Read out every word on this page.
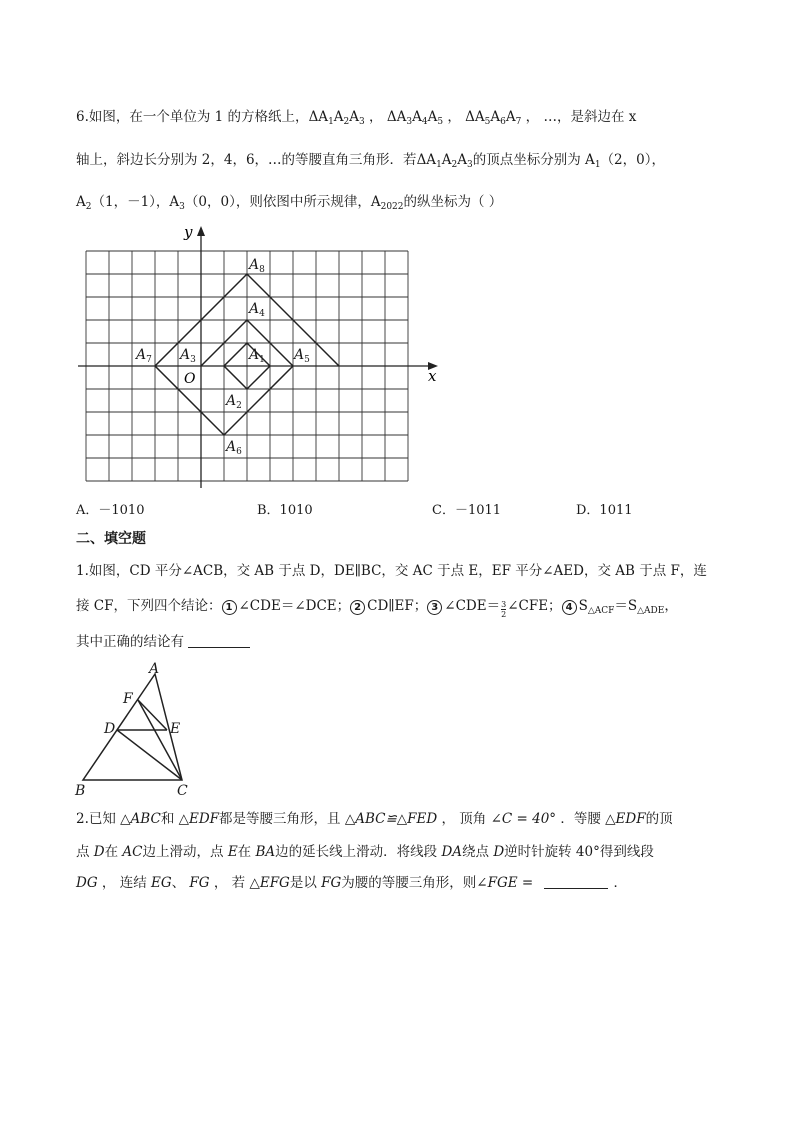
6.如图，在一个单位为 1 的方格纸上，$\Delta A_1A_2A_3$ ， $\Delta A_3A_4A_5$ ， $\Delta A_5A_6A_7$ ， …，是斜边在 x
轴上，斜边长分别为 2，4，6，…的等腰直角三角形．若$\Delta A_1A_2A_3$的顶点坐标分别为 $A_1(2$，0），
$A_2(1$，－1），$A_3(0$，0），则依图中所示规律，$A_{2022}$的纵坐标为（ ）
x
y
O
$A_8$
$A_4$
$A_7$ $A_3$	$A_1$ $A_5$
$A_2$
$A_6$
A．－1010	B．1010	C．－1011	D．1011
二、填空题
1.如图，CD 平分∠ACB，交 AB 于点 D，DE∥BC，交 AC 于点 E，EF 平分∠AED，交 AB 于点 F，连
接 CF，下列四个结论： 1 ∠CDE＝∠DCE； 2 CD∥EF； 3 ∠CDE＝ $\frac{3}{2}\angle CFE$； 4 $S_{\triangle ACF}=S_{\triangle ADE}$，
其中正确的结论有
A
F
D	E
B	C
2.已知 △ABC和 △EDF都是等腰三角形，且 △ABC≌△FED ， 顶角 ∠C = 40° ．等腰 △EDF的顶
点 D在 AC边上滑动，点 E在 BA边的延长线上滑动．将线段 DA绕点 D逆时针旋转 40°得到线段
DG ， 连结 EG、 FG ， 若 △EFG是以 FG为腰的等腰三角形，则∠FGE =	．
